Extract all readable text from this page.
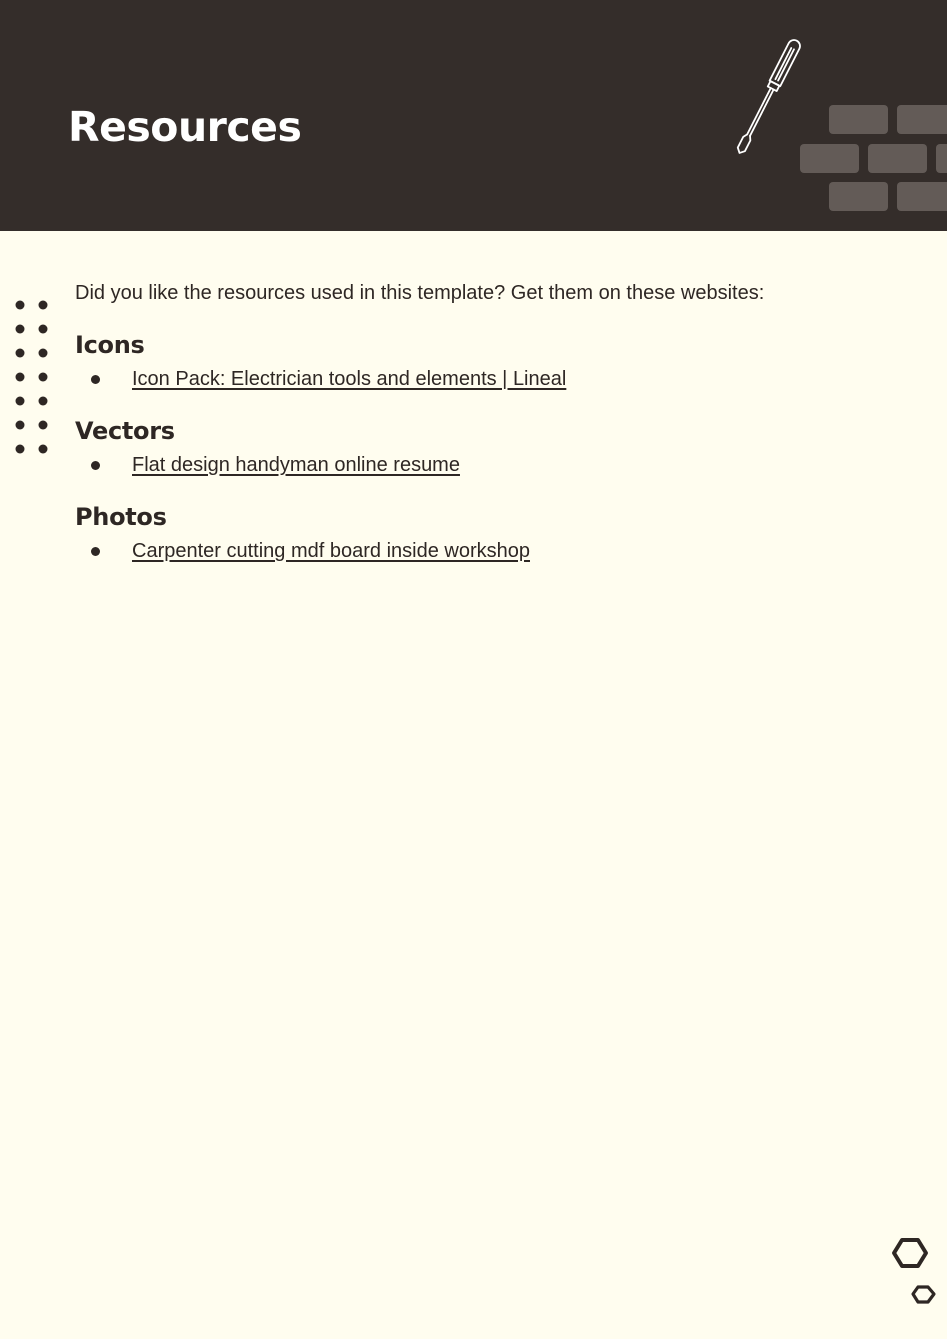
Resources

Did you like the resources used in this template? Get them on these websites:

Icons
Icon Pack: Electrician tools and elements | Lineal
Vectors
Flat design handyman online resume
Photos
Carpenter cutting mdf board inside workshop
